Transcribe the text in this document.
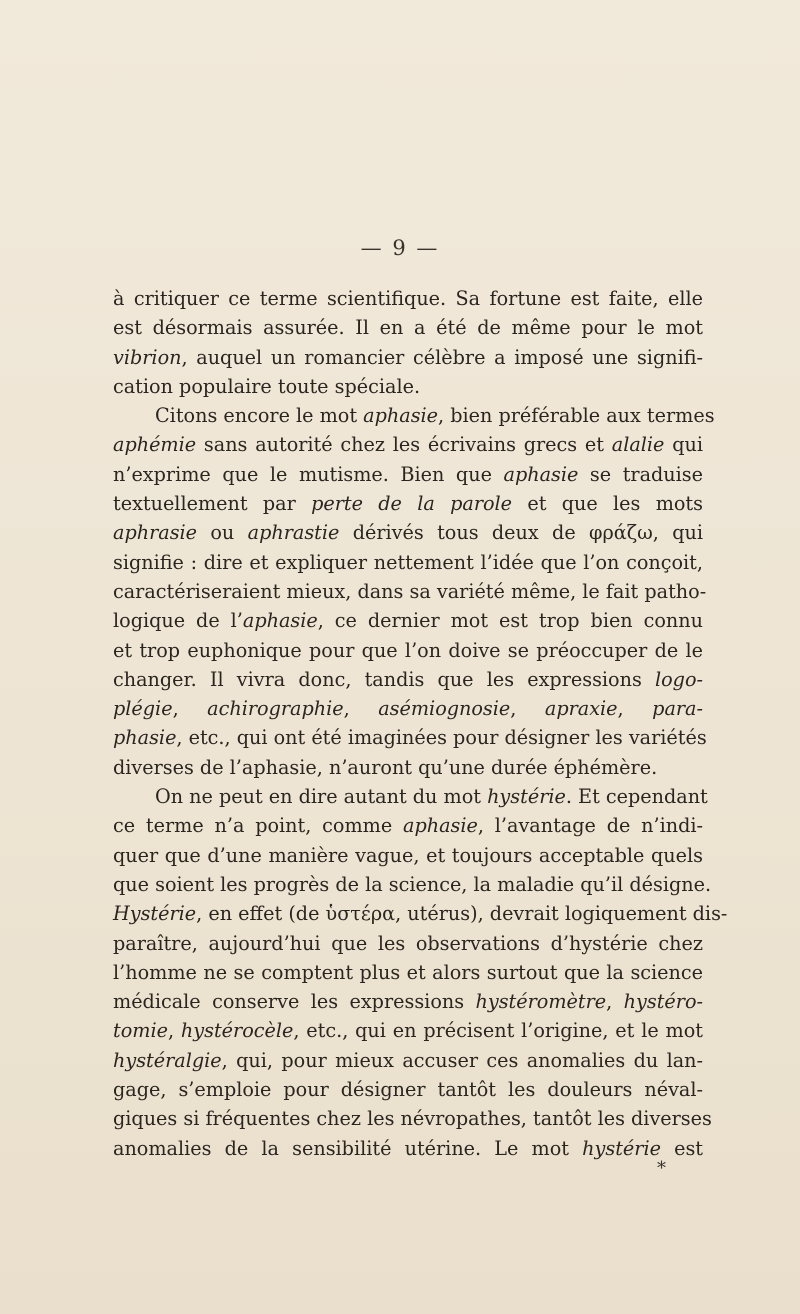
— 9 —
à critiquer ce terme scientifique. Sa fortune est faite, elle
est désormais assurée. Il en a été de même pour le mot
vibrion, auquel un romancier célèbre a imposé une signifi-
cation populaire toute spéciale.
Citons encore le mot aphasie, bien préférable aux termes
aphémie sans autorité chez les écrivains grecs et alalie qui
n’exprime que le mutisme. Bien que aphasie se traduise
textuellement par perte de la parole et que les mots
aphrasie ou aphrastie dérivés tous deux de φράζω, qui
signifie : dire et expliquer nettement l’idée que l’on conçoit,
caractériseraient mieux, dans sa variété même, le fait patho-
logique de l’aphasie, ce dernier mot est trop bien connu
et trop euphonique pour que l’on doive se préoccuper de le
changer. Il vivra donc, tandis que les expressions logo-
plégie, achirographie, asémiognosie, apraxie, para-
phasie, etc., qui ont été imaginées pour désigner les variétés
diverses de l’aphasie, n’auront qu’une durée éphémère.
On ne peut en dire autant du mot hystérie. Et cependant
ce terme n’a point, comme aphasie, l’avantage de n’indi-
quer que d’une manière vague, et toujours acceptable quels
que soient les progrès de la science, la maladie qu’il désigne.
Hystérie, en effet (de ὑστέρα, utérus), devrait logiquement dis-
paraître, aujourd’hui que les observations d’hystérie chez
l’homme ne se comptent plus et alors surtout que la science
médicale conserve les expressions hystéromètre, hystéro-
tomie, hystérocèle, etc., qui en précisent l’origine, et le mot
hystéralgie, qui, pour mieux accuser ces anomalies du lan-
gage, s’emploie pour désigner tantôt les douleurs néval-
giques si fréquentes chez les névropathes, tantôt les diverses
anomalies de la sensibilité utérine. Le mot hystérie est
*
